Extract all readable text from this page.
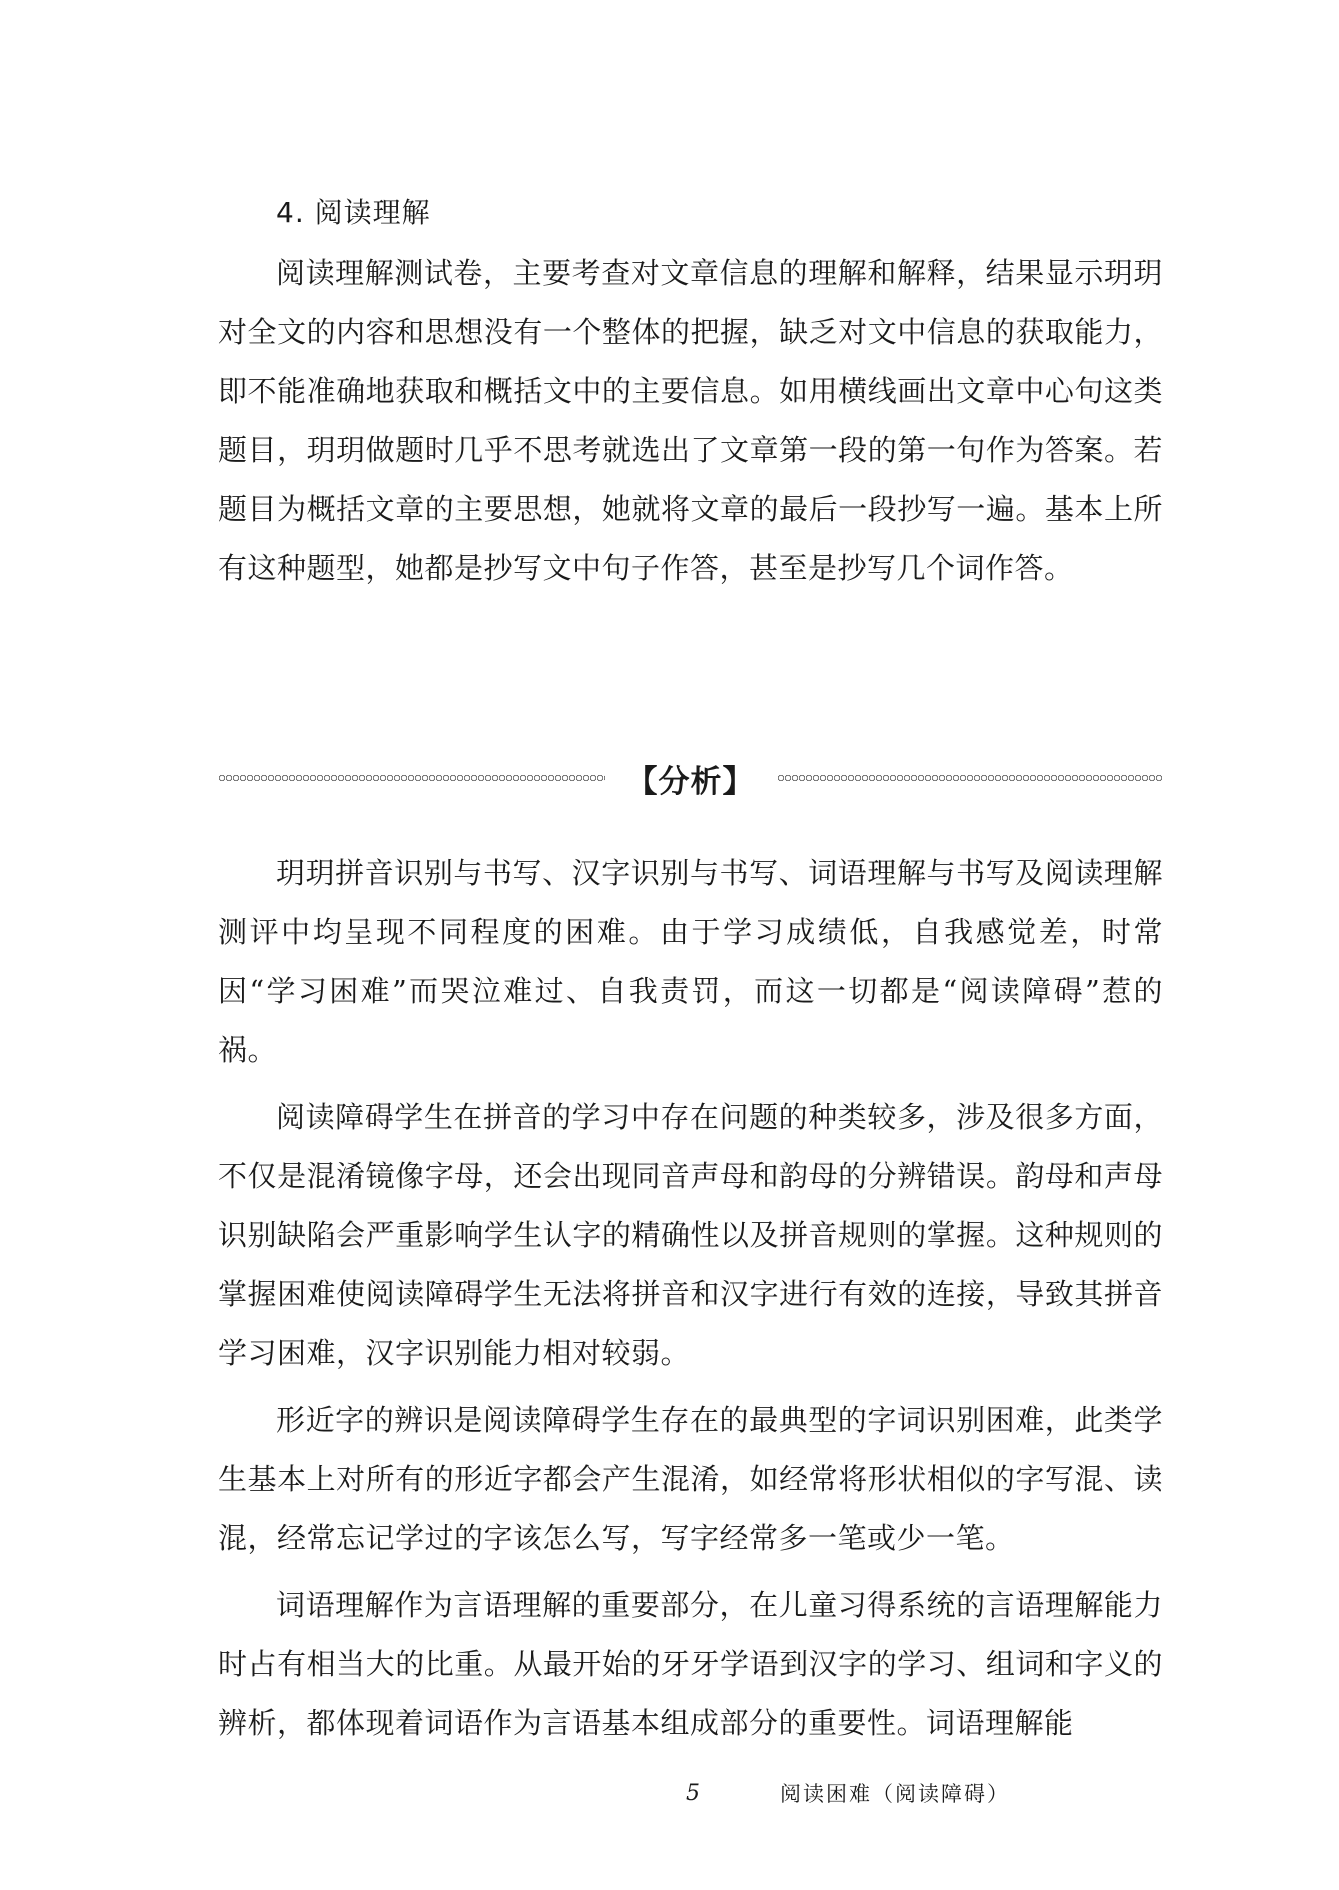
4. 阅读理解

阅读理解测试卷，主要考查对文章信息的理解和解释，结果显示玥玥对全文的内容和思想没有一个整体的把握，缺乏对文中信息的获取能力，即不能准确地获取和概括文中的主要信息。如用横线画出文章中心句这类题目，玥玥做题时几乎不思考就选出了文章第一段的第一句作为答案。若题目为概括文章的主要思想，她就将文章的最后一段抄写一遍。基本上所有这种题型，她都是抄写文中句子作答，甚至是抄写几个词作答。

【分析】

玥玥拼音识别与书写、汉字识别与书写、词语理解与书写及阅读理解测评中均呈现不同程度的困难。由于学习成绩低，自我感觉差，时常因“学习困难”而哭泣难过、自我责罚，而这一切都是“阅读障碍”惹的祸。

阅读障碍学生在拼音的学习中存在问题的种类较多，涉及很多方面，不仅是混淆镜像字母，还会出现同音声母和韵母的分辨错误。韵母和声母识别缺陷会严重影响学生认字的精确性以及拼音规则的掌握。这种规则的掌握困难使阅读障碍学生无法将拼音和汉字进行有效的连接，导致其拼音学习困难，汉字识别能力相对较弱。

形近字的辨识是阅读障碍学生存在的最典型的字词识别困难，此类学生基本上对所有的形近字都会产生混淆，如经常将形状相似的字写混、读混，经常忘记学过的字该怎么写，写字经常多一笔或少一笔。

词语理解作为言语理解的重要部分，在儿童习得系统的言语理解能力时占有相当大的比重。从最开始的牙牙学语到汉字的学习、组词和字义的辨析，都体现着词语作为言语基本组成部分的重要性。词语理解能

5	阅读困难（阅读障碍）
